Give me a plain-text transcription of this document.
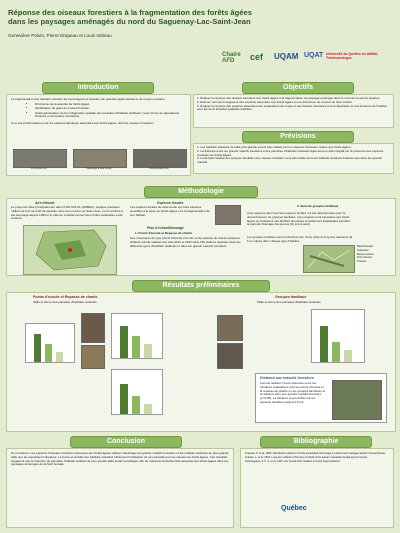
Réponse des oiseaux forestiers à la fragmentation des forêts âgées dans les paysages aménagés du nord du Saguenay-Lac-Saint-Jean
Geneviève Potvin, Pierre Drapeau et Louis Imbeau
Chaire AFD	cef	UQAM UQAT Université du Québec en Abitibi-Témiscamingue
Introduction
La fragmentation des habitats résultant de l'aménagement forestier par grandes agglomérations de coupes entraîne :
• Diminution de la quantité de forêts âgées
• Modification du grain du couvert forestier
• Hétérogénéisation de la configuration spatiale des parcelles d'habitats résiduels ( sous forme de séparateurs linéaires et de bandes riveraines)
Ceci est problématique pour les espèces fauniques associées aux forêts âgées, dont les oiseaux forestiers!
Pic à dos noir	Mésange à tête brune	Grimpereau brun
Objectifs
1. Évaluer la réponse des oiseaux forestiers aux forêts âgées à la fragmentation du paysage aménagé dans le nord de l'ouest du Québec.
2. Estimer comment réagissent des espèces associées aux forêts âgées à une diminution du couvert de forêt mature.
3. Évaluer la réponse des espèces associées aux séparateurs de coupe et aux bandes riveraines à la configuration et à la structure de l'habitat pour les deux échelles spatiales étudiées.
Prévisions
1. Les habitats résiduels de taille plus grande seront plus utilisés par les espèces d'oiseaux reliées aux forêts âgées.
2. La distance entre les grands massifs forestiers et les parcelles d'habitats résiduels âgés aura un effet négatif sur la présence des espèces d'oiseaux de forêts âgées.
3. La densité relative des groupes familiaux des oiseaux forestiers sera plus faible dans les habitats résiduels linéaires que dans les grands massifs.
Méthodologie
Aire d'étude
Le projet est situé principalement dans l'UAF 024-51 (AMBEC), quelque quelques milliers de km² de forêt de épinette noire au nord du Lac Saint-Jean, où le territoire a été aménagé depuis 1990 et le plan de conditionnement des forêts résiduelles a été instauré.
Espèces focales
Les espèces focales de cette étude sont des espèces sensibles à la perte de forêts âgées et à la fragmentation de leur habitat.
Plan d'échantillonnage
1. Points d'écoute et Repasse de chants
Des inventaires de type points d'écoute (10 min) et de repasse de chants (espèces ciblées) ont été réalisés aux étés 2011 et 2012 dans 190 stations réparties dans les différents types d'habitats résiduels et dans les grands massifs forestiers.
2. Suivi de groupes familiaux
Cinq espèces parmi les huit espèces focales ont été sélectionnées pour le dénombrement de groupes familiaux. Ces espèces sont associées aux forêts âgées et produisent des familles bruyantes et facilement localisables pendant la période d'élevage des jeunes (fin juin à août).
Les groupes familiaux sont recherchés lors d'une visite le long des transects de 1 km situés dans chaque type d'habitat.
Massif forestier
Séparateur
Bande riveraine
Point d'écoute
Transect
Résultats préliminaires
Points d'écoute et Repasse de chants
Taille et forme des parcelles d'habitats résiduels
Groupes familiaux
Taille et forme des parcelles d'habitats résiduels
Distance aux massifs forestiers
Aucune relation n'a été observée entre les variables explicatives (soit les points d'écoute et la repasse de chants ou les groupes familiaux) et la distance (km) aux grands massifs forestiers (p>0,05). La distance a peu d'effet sur les espèces étudiées jusqu'à 2,5 km.
Conclusion
En conclusion, les espèces d'oiseaux forestiers associées aux forêts âgées utilisent davantage les grands massifs forestiers et les habitats résiduels de plus grande taille que les séparateurs linéaires. La forme et la taille des habitats résiduels influencent l'utilisation de ces parcelles par les oiseaux de forêts âgées. Ces résultats suggèrent que la rétention de parcelles d'habitat résiduel de plus grande taille serait à privilégier afin de maintenir la biodiversité associée aux forêts âgées dans les paysages aménagés de la forêt boréale.
Bibliographie
Drapeau, P. et al. 2009. Distribution patterns of birds associated with snags in natural and managed eastern boreal forests.
Imbeau, L. et al. 2001. Long-term effects of forestry on birds of the eastern Canadian boreal spruce forests.
Schmiegelow, F. K. A. et al. 1997. Are boreal birds resilient to forest fragmentation?
Québec
